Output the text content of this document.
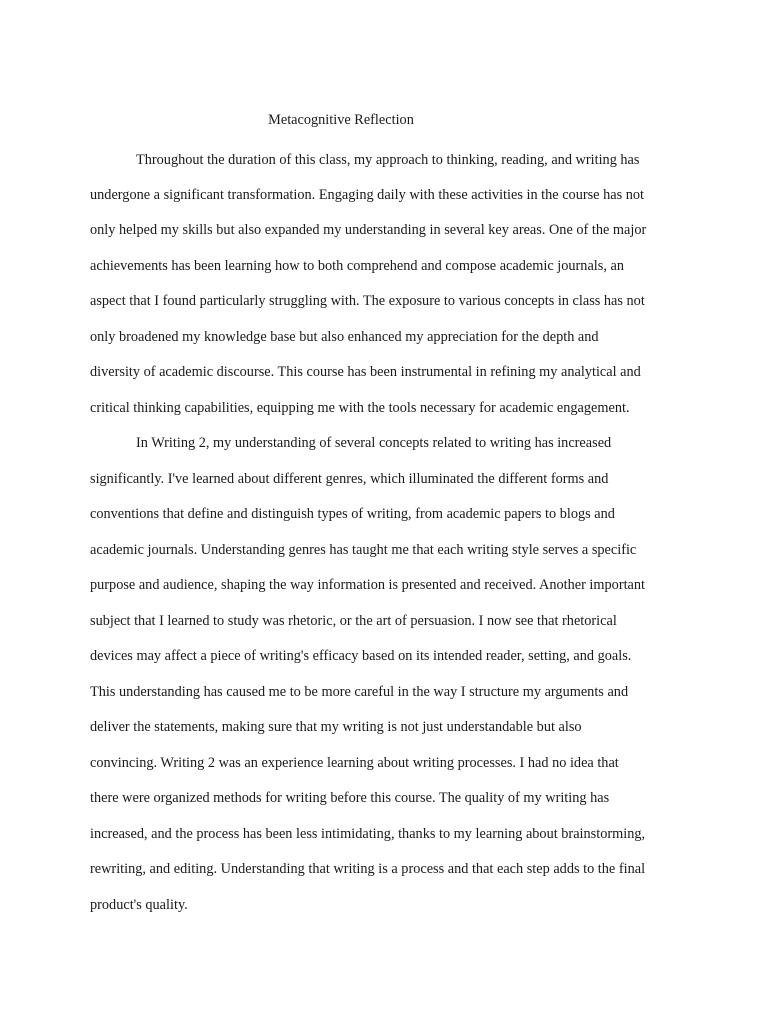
Metacognitive Reflection

Throughout the duration of this class, my approach to thinking, reading, and writing has

undergone a significant transformation. Engaging daily with these activities in the course has not

only helped my skills but also expanded my understanding in several key areas. One of the major

achievements has been learning how to both comprehend and compose academic journals, an

aspect that I found particularly struggling with. The exposure to various concepts in class has not

only broadened my knowledge base but also enhanced my appreciation for the depth and

diversity of academic discourse. This course has been instrumental in refining my analytical and

critical thinking capabilities, equipping me with the tools necessary for academic engagement.

In Writing 2, my understanding of several concepts related to writing has increased

significantly. I've learned about different genres, which illuminated the different forms and

conventions that define and distinguish types of writing, from academic papers to blogs and

academic journals. Understanding genres has taught me that each writing style serves a specific

purpose and audience, shaping the way information is presented and received. Another important

subject that I learned to study was rhetoric, or the art of persuasion. I now see that rhetorical

devices may affect a piece of writing's efficacy based on its intended reader, setting, and goals.

This understanding has caused me to be more careful in the way I structure my arguments and

deliver the statements, making sure that my writing is not just understandable but also

convincing. Writing 2 was an experience learning about writing processes. I had no idea that

there were organized methods for writing before this course. The quality of my writing has

increased, and the process has been less intimidating, thanks to my learning about brainstorming,

rewriting, and editing. Understanding that writing is a process and that each step adds to the final

product's quality.
